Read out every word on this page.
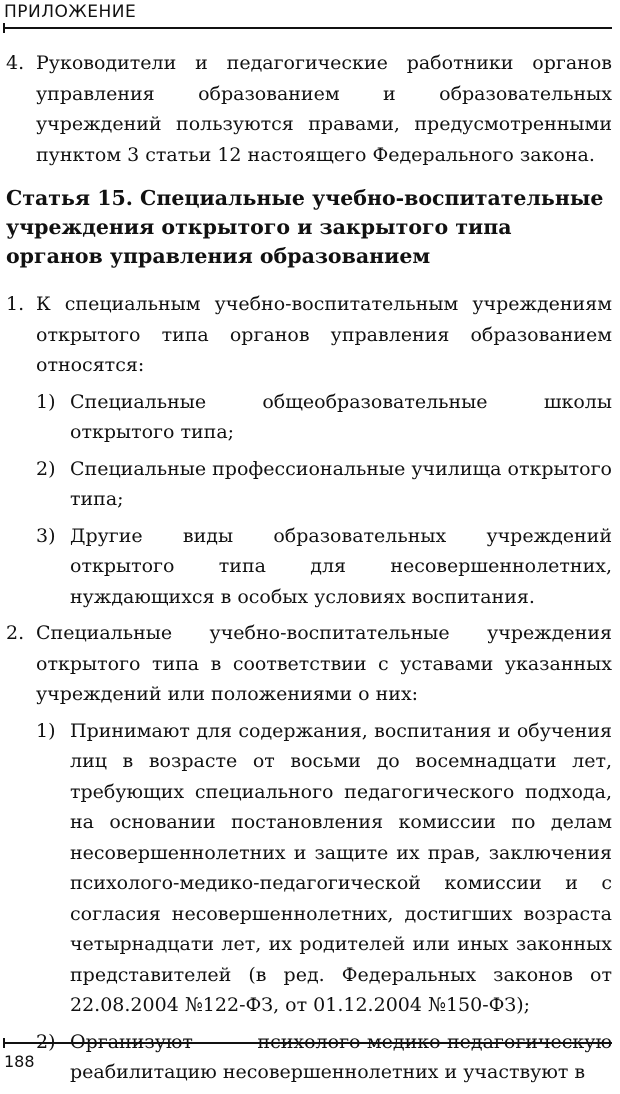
ПРИЛОЖЕНИЕ

4. Руководители и педагогические работники органов управления образованием и образовательных учреждений пользуются правами, предусмотренными пунктом 3 статьи 12 настоящего Федерального закона.

Статья 15. Специальные учебно-воспитательные учреждения открытого и закрытого типа органов управления образованием

1. К специальным учебно-воспитательным учреждениям открытого типа органов управления образованием относятся:

1) Специальные общеобразовательные школы открытого типа;

2) Специальные профессиональные училища открытого типа;

3) Другие виды образовательных учреждений открытого типа для несовершеннолетних, нуждающихся в особых условиях воспитания.

2. Специальные учебно-воспитательные учреждения открытого типа в соответствии с уставами указанных учреждений или положениями о них:

1) Принимают для содержания, воспитания и обучения лиц в возрасте от восьми до восемнадцати лет, требующих специального педагогического подхода, на основании постановления комиссии по делам несовершеннолетних и защите их прав, заключения психолого-медико-педагогической комиссии и с согласия несовершеннолетних, достигших возраста четырнадцати лет, их родителей или иных законных представителей (в ред. Федеральных законов от 22.08.2004 №122-ФЗ, от 01.12.2004 №150-ФЗ);

2) Организуют психолого-медико-педагогическую реабилитацию несовершеннолетних и участвуют в

188
